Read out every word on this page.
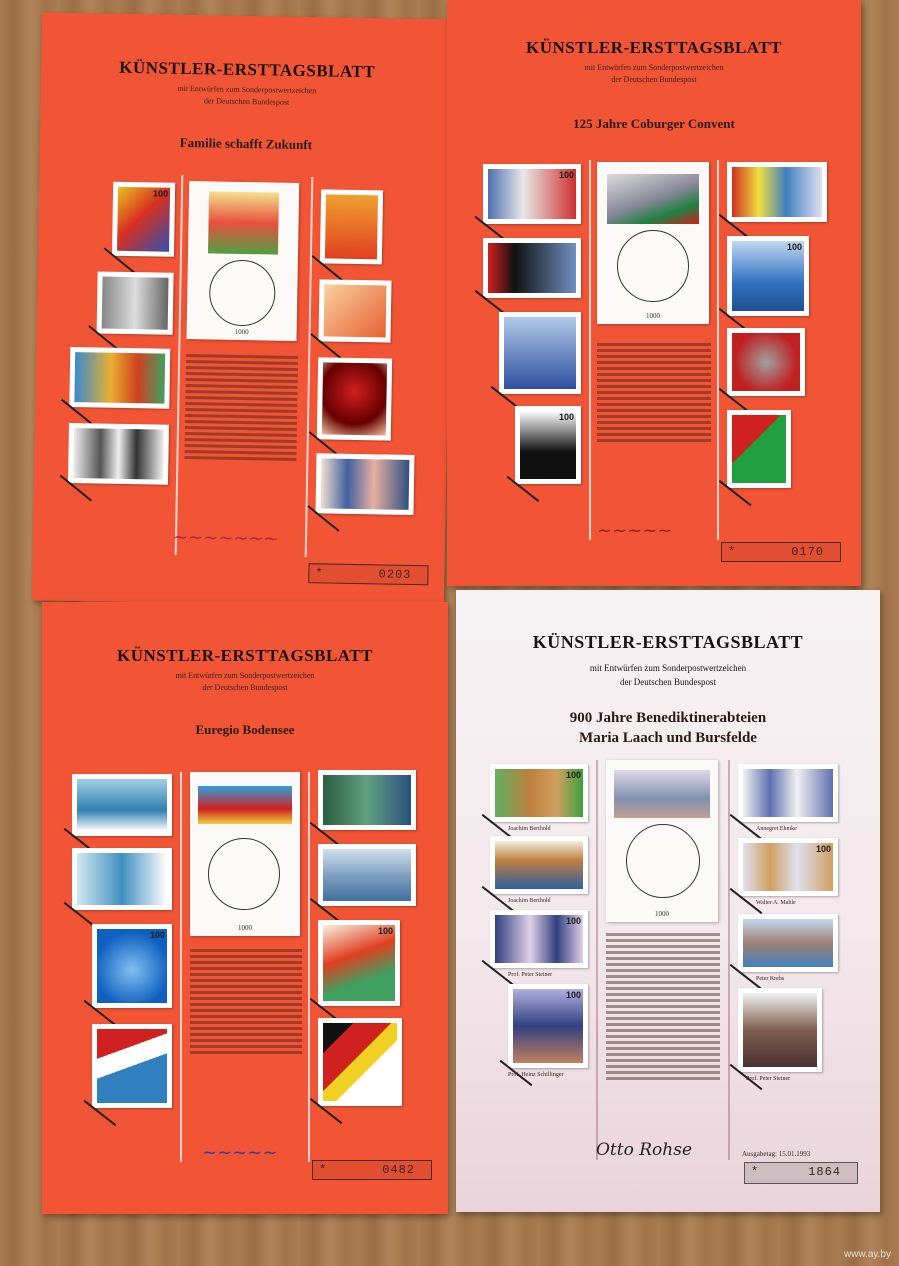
KÜNSTLER-ERSTTAGSBLATT
mit Entwürfen zum Sonderpostwertzeichen
der Deutschen Bundespost
Familie schafft Zukunft
100
1000
~~~~~~~
*	0203
KÜNSTLER-ERSTTAGSBLATT
mit Entwürfen zum Sonderpostwertzeichen
der Deutschen Bundespost
125 Jahre Coburger Convent
100
100
1000
100
~~~~~
*	0170
KÜNSTLER-ERSTTAGSBLATT
mit Entwürfen zum Sonderpostwertzeichen
der Deutschen Bundespost
Euregio Bodensee
100
1000	100
~~~~~
*	0482
KÜNSTLER-ERSTTAGSBLATT
mit Entwürfen zum Sonderpostwertzeichen
der Deutschen Bundespost
900 Jahre Benediktinerabteien
Maria Laach und Bursfelde
100
Joachim Berthold
Joachim Berthold
100
Prof. Peter Steiner
100
Prof. Heinz Schillinger
1000
Annegret Ehmke
100
Walter A. Mahle
Peter Krebs
Prof. Peter Steiner
Otto Rohse	Ausgabetag: 15.01.1993
*	1864
www.ay.by
